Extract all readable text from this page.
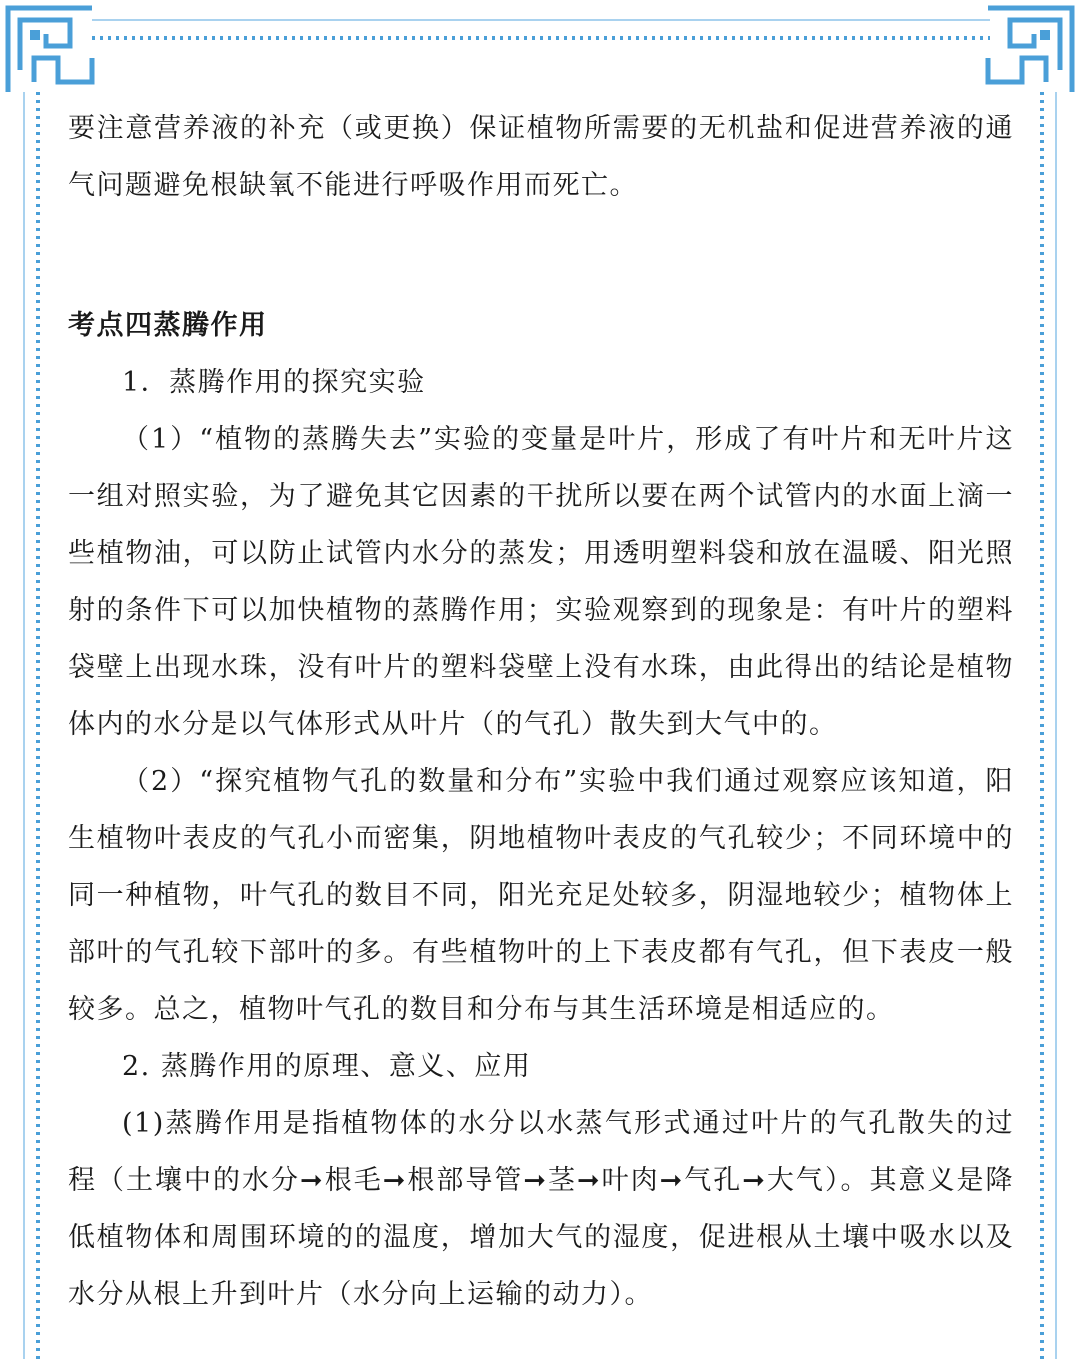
要注意营养液的补充（或更换）保证植物所需要的无机盐和促进营养液的通气问题避免根缺氧不能进行呼吸作用而死亡。

考点四蒸腾作用

1．蒸腾作用的探究实验

（1）“植物的蒸腾失去”实验的变量是叶片，形成了有叶片和无叶片这一组对照实验，为了避免其它因素的干扰所以要在两个试管内的水面上滴一些植物油，可以防止试管内水分的蒸发；用透明塑料袋和放在温暖、阳光照射的条件下可以加快植物的蒸腾作用；实验观察到的现象是：有叶片的塑料袋壁上出现水珠，没有叶片的塑料袋壁上没有水珠，由此得出的结论是植物体内的水分是以气体形式从叶片（的气孔）散失到大气中的。

（2）“探究植物气孔的数量和分布”实验中我们通过观察应该知道，阳生植物叶表皮的气孔小而密集，阴地植物叶表皮的气孔较少；不同环境中的同一种植物，叶气孔的数目不同，阳光充足处较多，阴湿地较少；植物体上部叶的气孔较下部叶的多。有些植物叶的上下表皮都有气孔，但下表皮一般较多。总之，植物叶气孔的数目和分布与其生活环境是相适应的。

2. 蒸腾作用的原理、意义、应用

(1)蒸腾作用是指植物体的水分以水蒸气形式通过叶片的气孔散失的过程（土壤中的水分➞根毛➞根部导管➞茎➞叶肉➞气孔➞大气）。其意义是降低植物体和周围环境的的温度，增加大气的湿度，促进根从土壤中吸水以及水分从根上升到叶片（水分向上运输的动力）。
